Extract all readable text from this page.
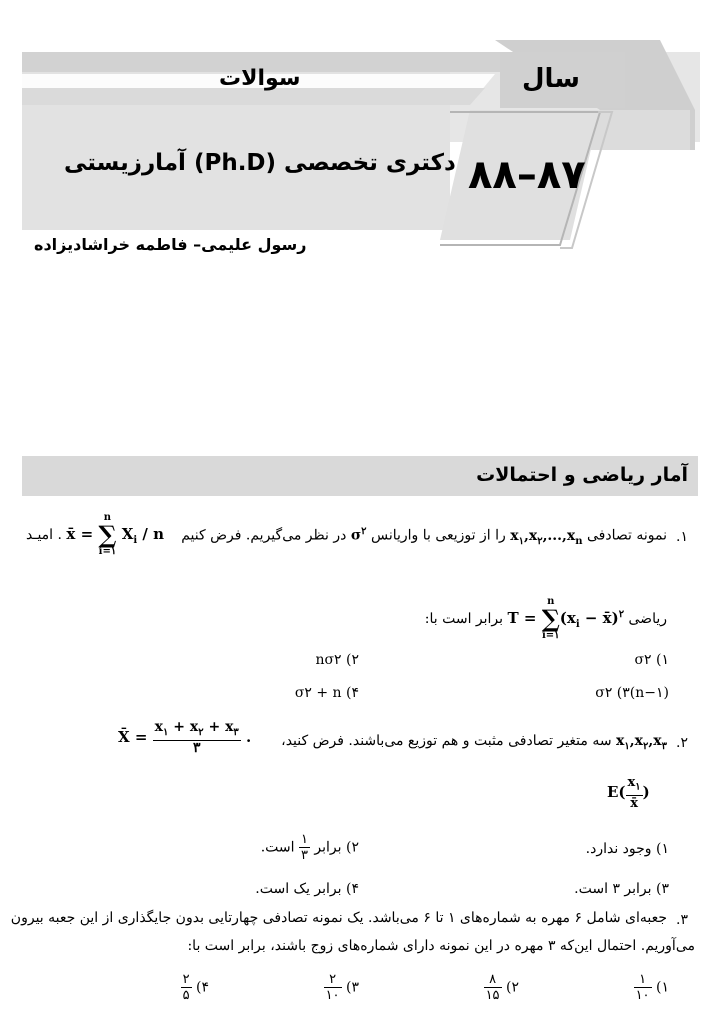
سوالات	سال
دکتری تخصصی (Ph.D) آمارزیستی ۸۸–۸۷
رسول علیمی– فاطمه خراشادیزاده
آمار ریاضی و احتمالات
۱.
نمونه تصادفی $x_۱,x_۲,...,x_n$ را از توزیعی با واریانس $\sigma^۲$ در نظر می‌گیریم. فرض کنیم
. امیـد x̄ =
n
∑
i=۱
$X_i$ / n
ریاضی T =
n
∑
i=۱
($x_i$ − x̄)$^۲$ برابر است با:
σ۲ (۱
nσ۲ (۲
(n−۱)σ۲ (۳
σ۲ + n (۴
۲.
$x_۱,x_۲,x_۳$ سه متغیر تصادفی مثبت و هم توزیع می‌باشند. فرض کنید،
X̄ = $\frac{x_۱ + x_۲ + x_۳}{۳}$ .
$E( \frac{x_۱}{x̄}$ )
۱) وجود ندارد.
۲) برابر
$\frac{۱}{۳}$
است.
۳) برابر ۳ است.
۴) برابر یک است.
۳.
جعبه‌ای شامل ۶ مهره به شماره‌های ۱ تا ۶ می‌باشد. یک نمونه تصادفی چهارتایی بدون جایگذاری از این جعبه بیرون
می‌آوریم. احتمال این‌که ۳ مهره در این نمونه دارای شماره‌های زوج باشند، برابر است با:
۱)
$\frac{۱}{۱۰}$
۲)
$\frac{۸}{۱۵}$
۳)
$\frac{۲}{۱۰}$
۴)
$\frac{۲}{۵}$
